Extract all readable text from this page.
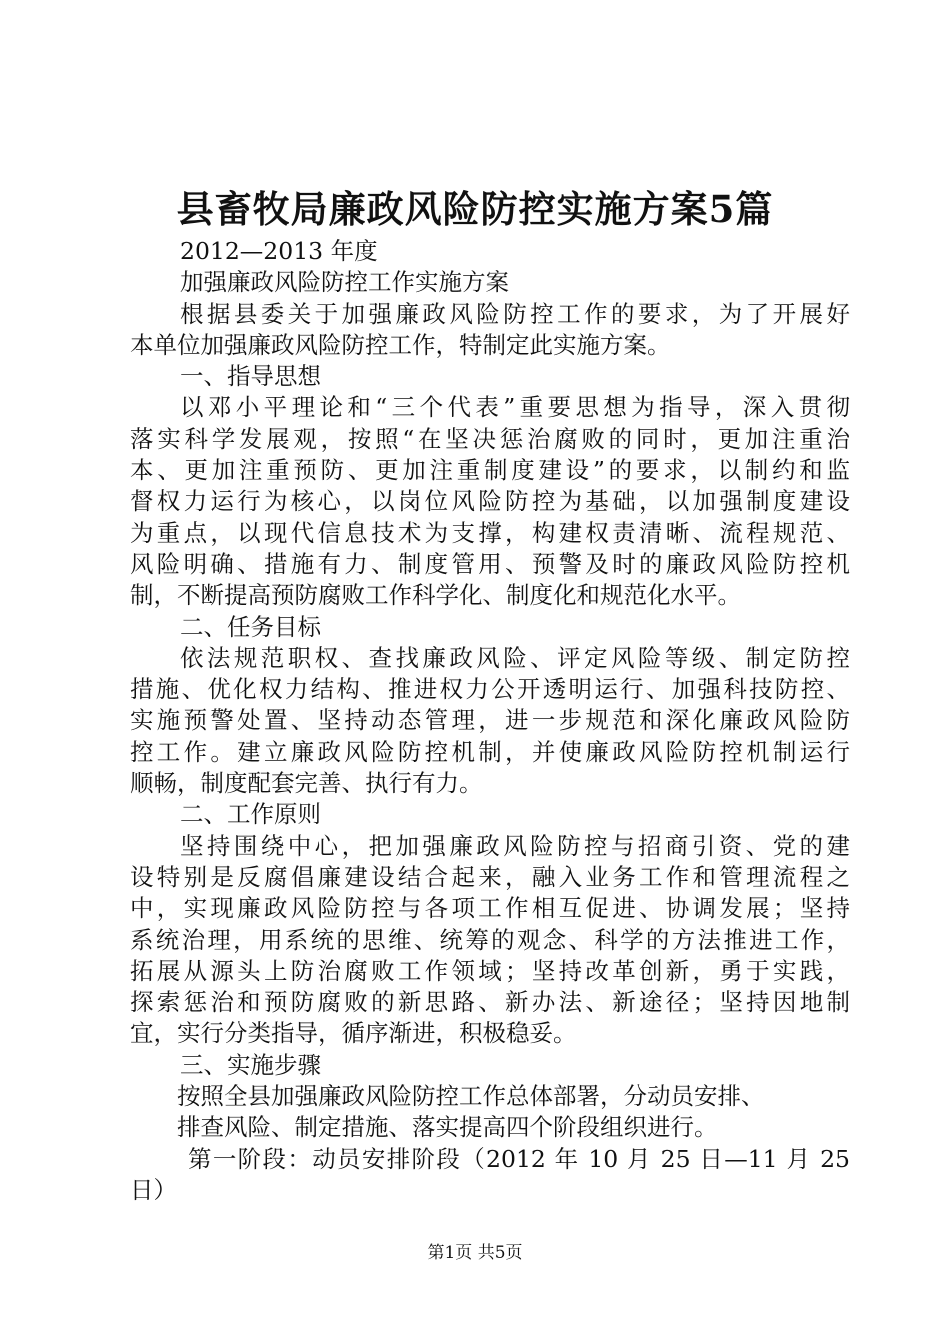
县畜牧局廉政风险防控实施方案5篇
2012—2013 年度
加强廉政风险防控工作实施方案
根据县委关于加强廉政风险防控工作的要求，为了开展好
本单位加强廉政风险防控工作，特制定此实施方案。
一、指导思想
以邓小平理论和“三个代表”重要思想为指导，深入贯彻
落实科学发展观，按照“在坚决惩治腐败的同时，更加注重治
本、更加注重预防、更加注重制度建设”的要求，以制约和监
督权力运行为核心，以岗位风险防控为基础，以加强制度建设
为重点，以现代信息技术为支撑，构建权责清晰、流程规范、
风险明确、措施有力、制度管用、预警及时的廉政风险防控机
制，不断提高预防腐败工作科学化、制度化和规范化水平。
二、任务目标
依法规范职权、查找廉政风险、评定风险等级、制定防控
措施、优化权力结构、推进权力公开透明运行、加强科技防控、
实施预警处置、坚持动态管理，进一步规范和深化廉政风险防
控工作。建立廉政风险防控机制，并使廉政风险防控机制运行
顺畅，制度配套完善、执行有力。
二、工作原则
坚持围绕中心，把加强廉政风险防控与招商引资、党的建
设特别是反腐倡廉建设结合起来，融入业务工作和管理流程之
中，实现廉政风险防控与各项工作相互促进、协调发展；坚持
系统治理，用系统的思维、统筹的观念、科学的方法推进工作，
拓展从源头上防治腐败工作领域；坚持改革创新，勇于实践，
探索惩治和预防腐败的新思路、新办法、新途径；坚持因地制
宜，实行分类指导，循序渐进，积极稳妥。
三、实施步骤
按照全县加强廉政风险防控工作总体部署，分动员安排、
排查风险、制定措施、落实提高四个阶段组织进行。
第一阶段：动员安排阶段（2012 年 10 月 25 日—11 月 25
日）
第1页 共5页
